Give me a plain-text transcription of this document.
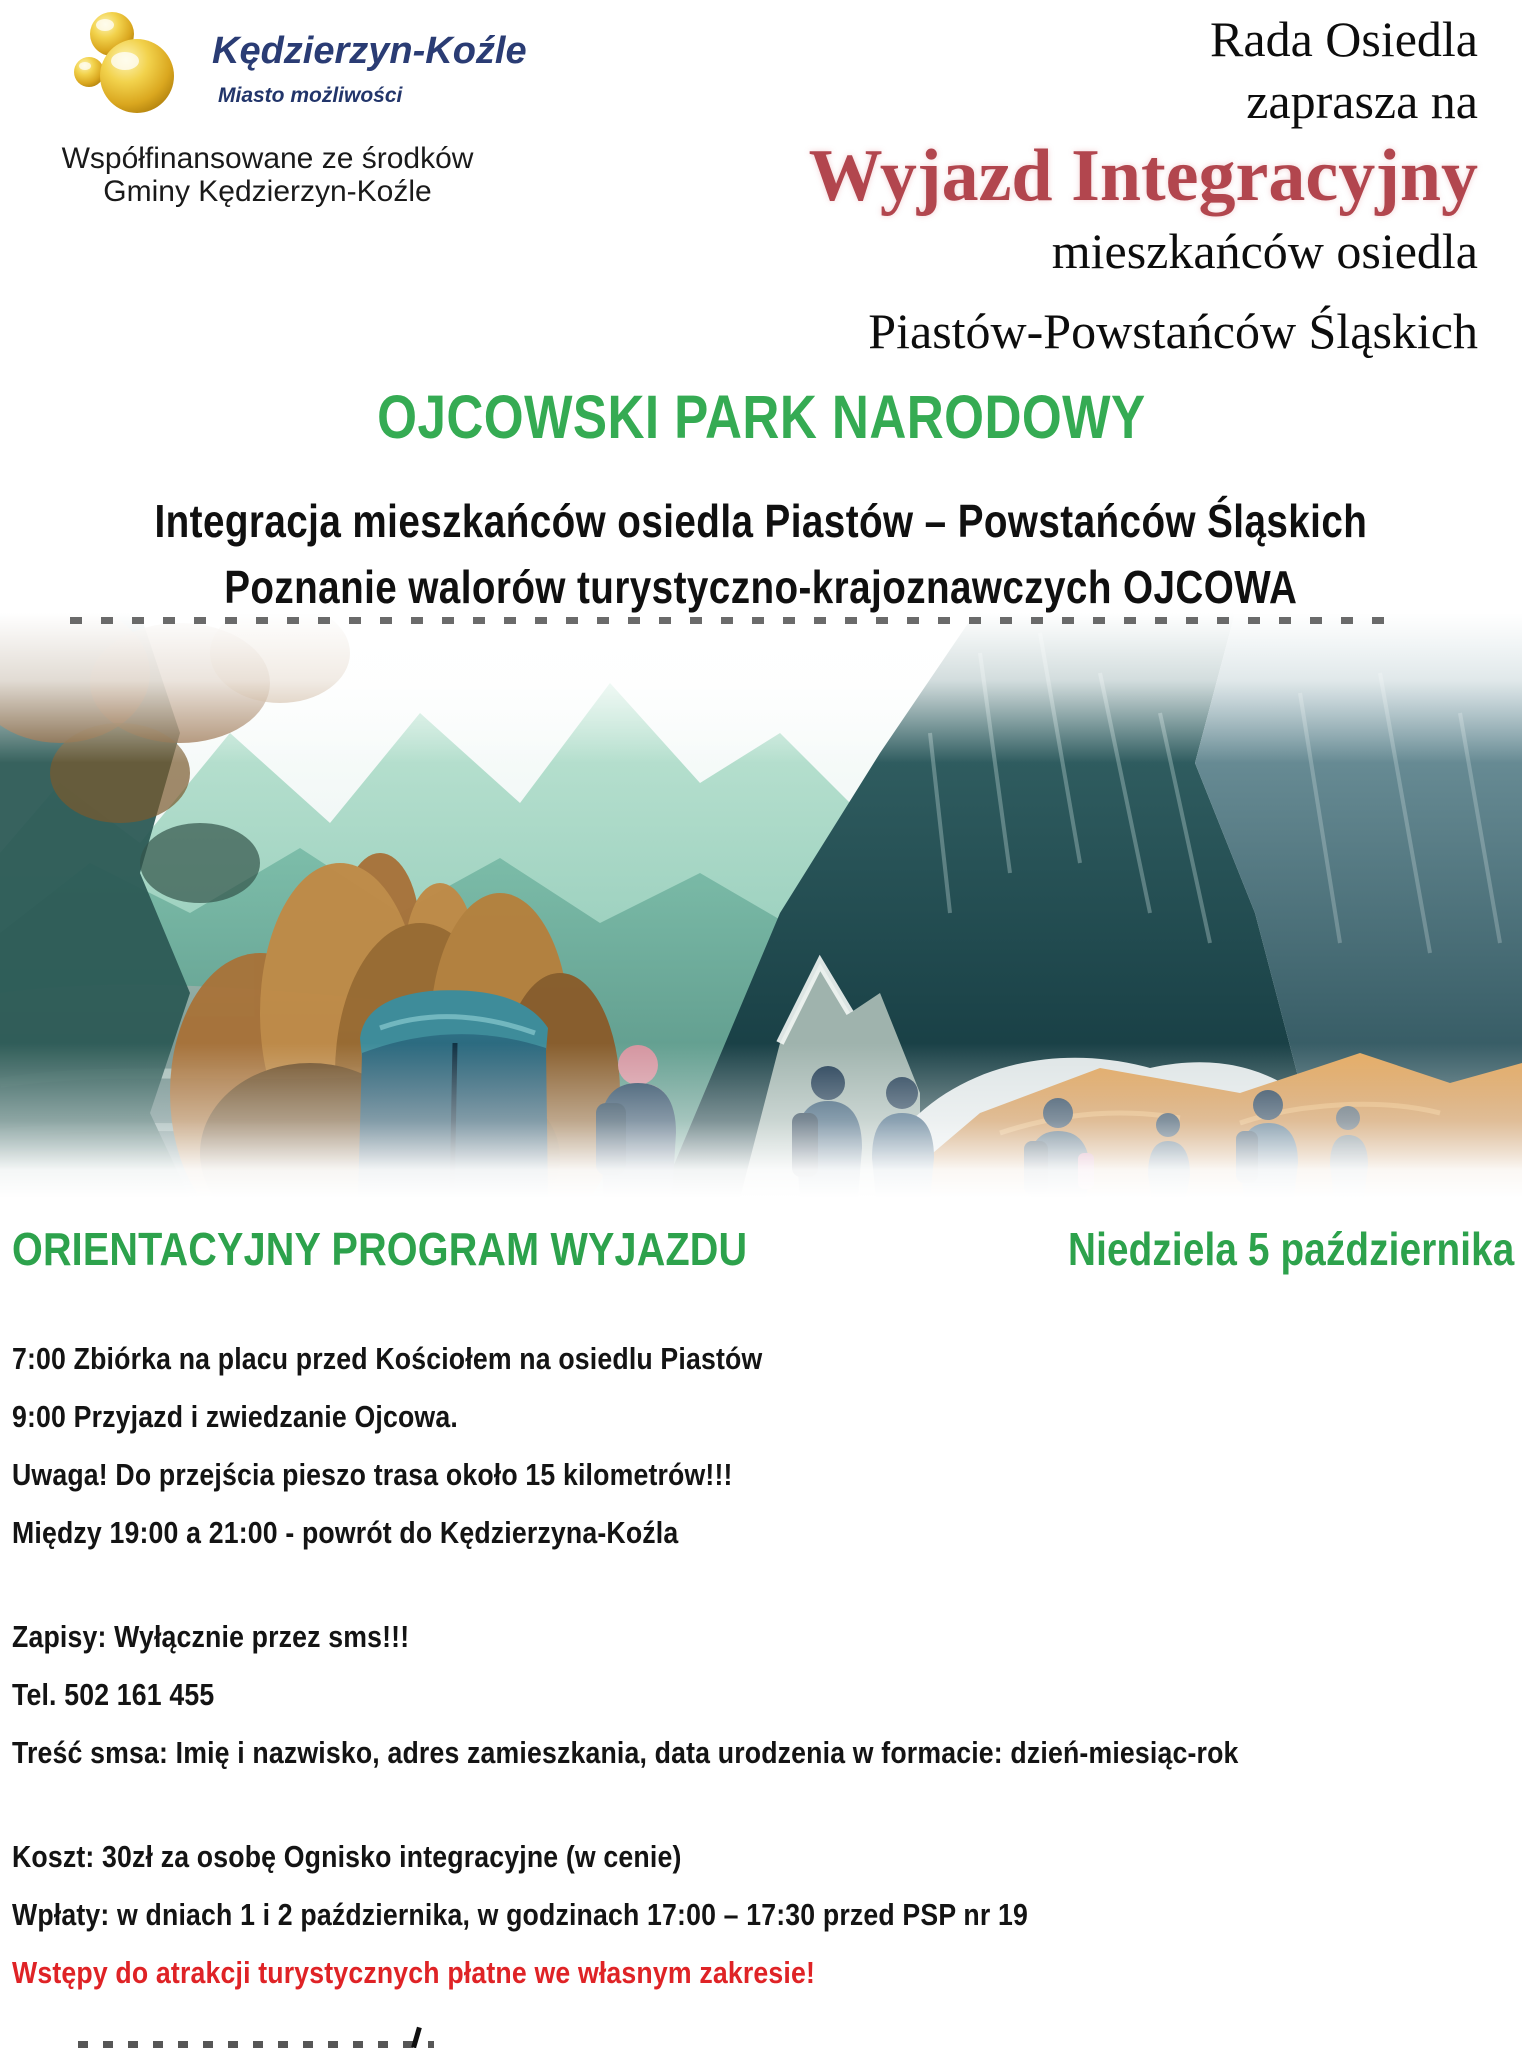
Kędzierzyn-Koźle
Miasto możliwości
Współfinansowane ze środków
Gminy Kędzierzyn-Koźle
Rada Osiedla
zaprasza na
Wyjazd Integracyjny
mieszkańców osiedla
Piastów-Powstańców Śląskich
OJCOWSKI PARK NARODOWY
Integracja mieszkańców osiedla Piastów – Powstańców Śląskich
Poznanie walorów turystyczno-krajoznawczych OJCOWA
ORIENTACYJNY PROGRAM WYJAZDU	Niedziela 5 października
7:00 Zbiórka na placu przed Kościołem na osiedlu Piastów
9:00 Przyjazd i zwiedzanie Ojcowa.
Uwaga! Do przejścia pieszo trasa około 15 kilometrów!!!
Między 19:00 a 21:00 - powrót do Kędzierzyna-Koźla
Zapisy: Wyłącznie przez sms!!!
Tel. 502 161 455
Treść smsa: Imię i nazwisko, adres zamieszkania, data urodzenia w formacie: dzień-miesiąc-rok
Koszt: 30zł za osobę Ognisko integracyjne (w cenie)
Wpłaty: w dniach 1 i 2 października, w godzinach 17:00 – 17:30 przed PSP nr 19
Wstępy do atrakcji turystycznych płatne we własnym zakresie!
